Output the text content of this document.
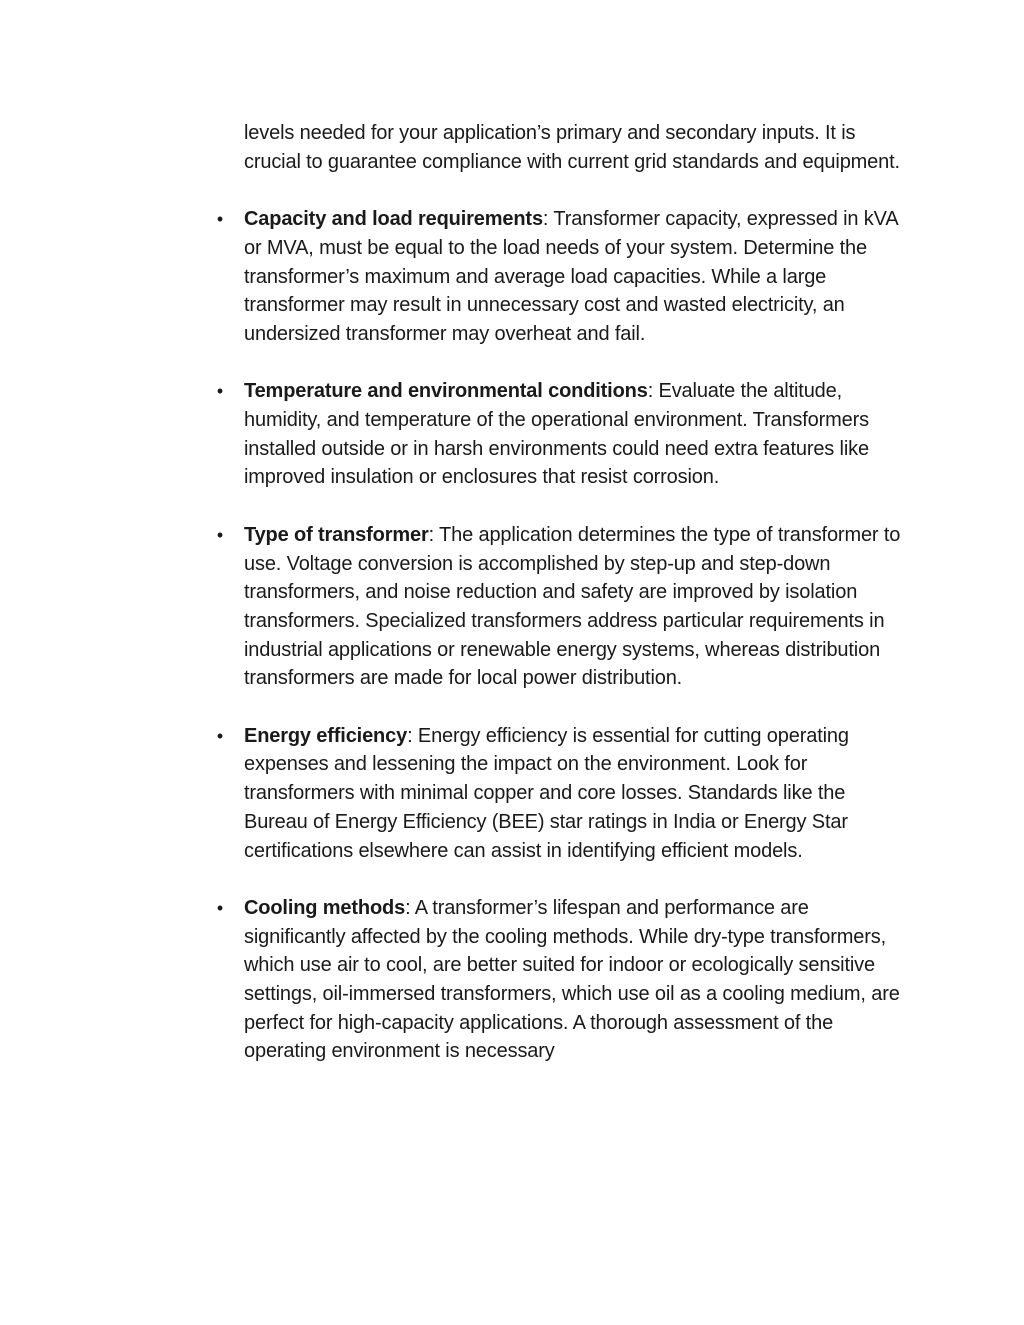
levels needed for your application’s primary and secondary inputs. It is crucial to guarantee compliance with current grid standards and equipment.

• Capacity and load requirements: Transformer capacity, expressed in kVA or MVA, must be equal to the load needs of your system. Determine the transformer’s maximum and average load capacities. While a large transformer may result in unnecessary cost and wasted electricity, an undersized transformer may overheat and fail.
• Temperature and environmental conditions: Evaluate the altitude, humidity, and temperature of the operational environment. Transformers installed outside or in harsh environments could need extra features like improved insulation or enclosures that resist corrosion.
• Type of transformer: The application determines the type of transformer to use. Voltage conversion is accomplished by step-up and step-down transformers, and noise reduction and safety are improved by isolation transformers. Specialized transformers address particular requirements in industrial applications or renewable energy systems, whereas distribution transformers are made for local power distribution.
• Energy efficiency: Energy efficiency is essential for cutting operating expenses and lessening the impact on the environment. Look for transformers with minimal copper and core losses. Standards like the Bureau of Energy Efficiency (BEE) star ratings in India or Energy Star certifications elsewhere can assist in identifying efficient models.
• Cooling methods: A transformer’s lifespan and performance are significantly affected by the cooling methods. While dry-type transformers, which use air to cool, are better suited for indoor or ecologically sensitive settings, oil-immersed transformers, which use oil as a cooling medium, are perfect for high-capacity applications. A thorough assessment of the operating environment is necessary
